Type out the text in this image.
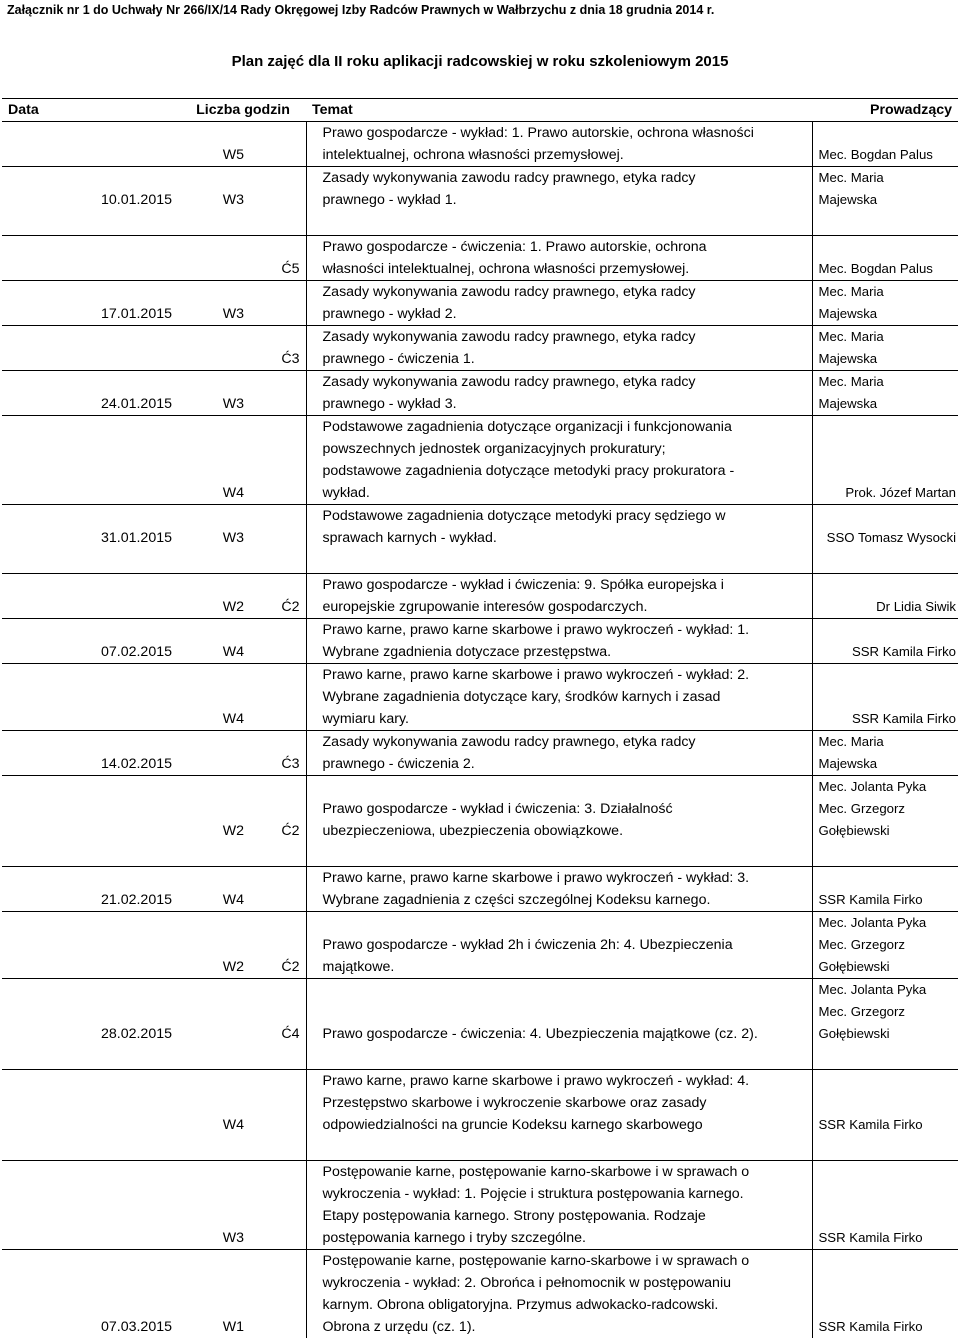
Załącznik nr 1 do Uchwały Nr 266/IX/14 Rady Okręgowej Izby Radców Prawnych w Wałbrzychu z dnia 18 grudnia 2014 r.
Plan zajęć dla II roku aplikacji radcowskiej w roku szkoleniowym 2015
Data	Liczba godzin		Temat	Prowadzący
	W5		Prawo gospodarcze - wykład: 1. Prawo autorskie, ochrona własności
intelektualnej, ochrona własności przemysłowej.	Mec. Bogdan Palus
10.01.2015	W3		Zasady wykonywania zawodu radcy prawnego, etyka radcy
prawnego - wykład 1.	Mec. Maria
Majewska

		Ć5	Prawo gospodarcze - ćwiczenia: 1. Prawo autorskie, ochrona
własności intelektualnej, ochrona własności przemysłowej.	Mec. Bogdan Palus
17.01.2015	W3		Zasady wykonywania zawodu radcy prawnego, etyka radcy
prawnego - wykład 2.	Mec. Maria
Majewska
		Ć3	Zasady wykonywania zawodu radcy prawnego, etyka radcy
prawnego - ćwiczenia 1.	Mec. Maria
Majewska
24.01.2015	W3		Zasady wykonywania zawodu radcy prawnego, etyka radcy
prawnego - wykład 3.	Mec. Maria
Majewska
	W4		Podstawowe zagadnienia dotyczące organizacji i funkcjonowania
powszechnych jednostek organizacyjnych prokuratury;
podstawowe zagadnienia dotyczące metodyki pracy prokuratora -
wykład.	Prok. Józef Martan
31.01.2015	W3		Podstawowe zagadnienia dotyczące metodyki pracy sędziego w
sprawach karnych - wykład.	SSO Tomasz Wysocki

	W2	Ć2	Prawo gospodarcze - wykład i ćwiczenia: 9. Spółka europejska i
europejskie zgrupowanie interesów gospodarczych.	Dr Lidia Siwik
07.02.2015	W4		Prawo karne, prawo karne skarbowe i prawo wykroczeń - wykład: 1.
Wybrane zgadnienia dotyczace przestępstwa.	SSR Kamila Firko
	W4		Prawo karne, prawo karne skarbowe i prawo wykroczeń - wykład: 2.
Wybrane zagadnienia dotyczące kary, środków karnych i zasad
wymiaru kary.	SSR Kamila Firko
14.02.2015		Ć3	Zasady wykonywania zawodu radcy prawnego, etyka radcy
prawnego - ćwiczenia 2.	Mec. Maria
Majewska
	W2	Ć2	Prawo gospodarcze - wykład i ćwiczenia: 3. Działalność
ubezpieczeniowa, ubezpieczenia obowiązkowe.	Mec. Jolanta Pyka
Mec. Grzegorz
Gołębiewski

21.02.2015	W4		Prawo karne, prawo karne skarbowe i prawo wykroczeń - wykład: 3.
Wybrane zagadnienia z części szczególnej Kodeksu karnego.	SSR Kamila Firko
	W2	Ć2	Prawo gospodarcze - wykład 2h i ćwiczenia 2h: 4. Ubezpieczenia
majątkowe.	Mec. Jolanta Pyka
Mec. Grzegorz
Gołębiewski
28.02.2015		Ć4	Prawo gospodarcze - ćwiczenia: 4. Ubezpieczenia majątkowe (cz. 2).	Mec. Jolanta Pyka
Mec. Grzegorz
Gołębiewski

	W4		Prawo karne, prawo karne skarbowe i prawo wykroczeń - wykład: 4.
Przestępstwo skarbowe i wykroczenie skarbowe oraz zasady
odpowiedzialności na gruncie Kodeksu karnego skarbowego	SSR Kamila Firko

	W3		Postępowanie karne, postępowanie karno-skarbowe i w sprawach o
wykroczenia - wykład: 1. Pojęcie i struktura postępowania karnego.
Etapy postępowania karnego. Strony postępowania. Rodzaje
postępowania karnego i tryby szczególne.	SSR Kamila Firko
07.03.2015	W1		Postępowanie karne, postępowanie karno-skarbowe i w sprawach o
wykroczenia - wykład: 2. Obrońca i pełnomocnik w postępowaniu
karnym. Obrona obligatoryjna. Przymus adwokacko-radcowski.
Obrona z urzędu (cz. 1).	SSR Kamila Firko
